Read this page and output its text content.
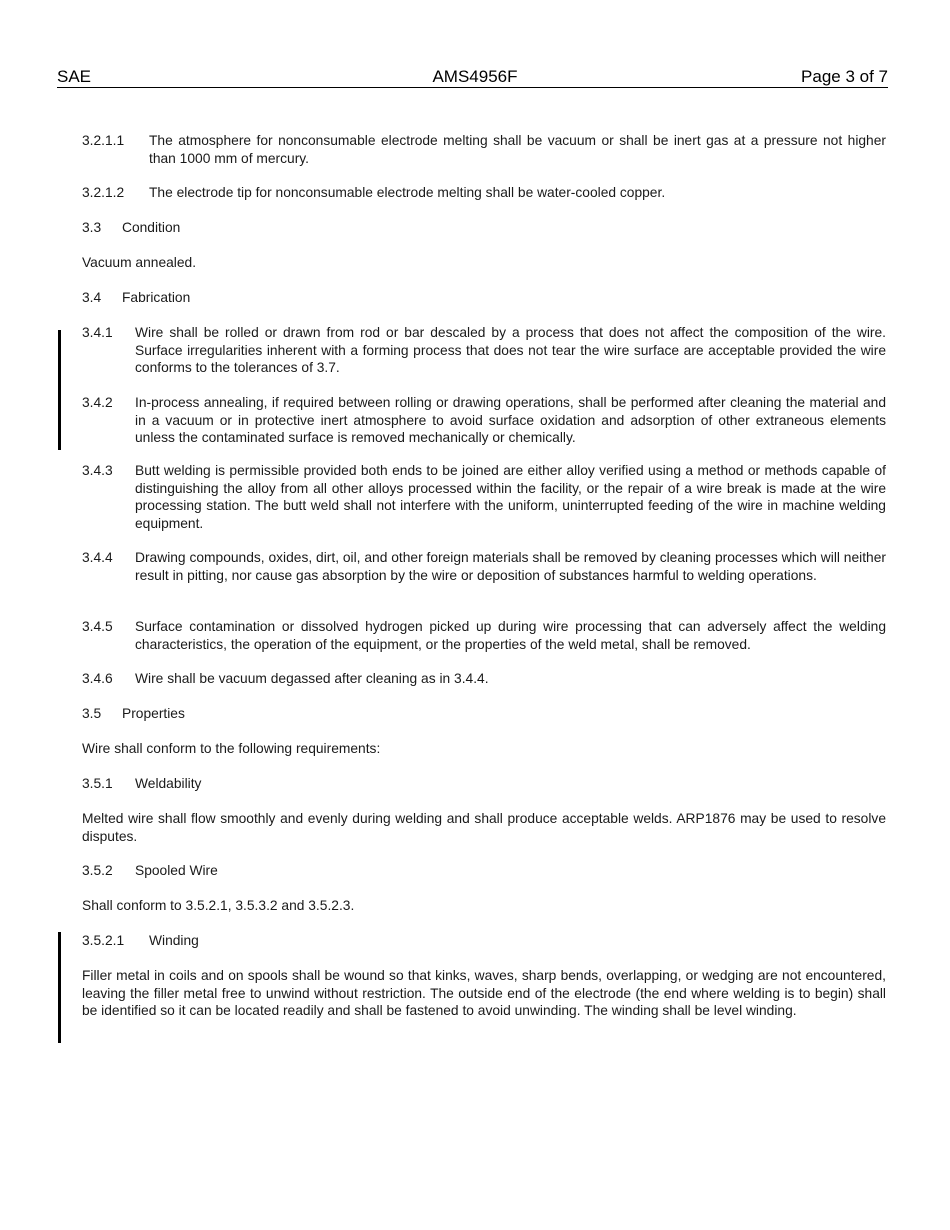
SAE	AMS4956F	Page 3 of 7
3.2.1.1 The atmosphere for nonconsumable electrode melting shall be vacuum or shall be inert gas at a pressure not higher than 1000 mm of mercury.
3.2.1.2 The electrode tip for nonconsumable electrode melting shall be water-cooled copper.
3.3 Condition
Vacuum annealed.
3.4 Fabrication
3.4.1 Wire shall be rolled or drawn from rod or bar descaled by a process that does not affect the composition of the wire. Surface irregularities inherent with a forming process that does not tear the wire surface are acceptable provided the wire conforms to the tolerances of 3.7.
3.4.2 In-process annealing, if required between rolling or drawing operations, shall be performed after cleaning the material and in a vacuum or in protective inert atmosphere to avoid surface oxidation and adsorption of other extraneous elements unless the contaminated surface is removed mechanically or chemically.
3.4.3 Butt welding is permissible provided both ends to be joined are either alloy verified using a method or methods capable of distinguishing the alloy from all other alloys processed within the facility, or the repair of a wire break is made at the wire processing station. The butt weld shall not interfere with the uniform, uninterrupted feeding of the wire in machine welding equipment.
3.4.4 Drawing compounds, oxides, dirt, oil, and other foreign materials shall be removed by cleaning processes which will neither result in pitting, nor cause gas absorption by the wire or deposition of substances harmful to welding operations.
3.4.5 Surface contamination or dissolved hydrogen picked up during wire processing that can adversely affect the welding characteristics, the operation of the equipment, or the properties of the weld metal, shall be removed.
3.4.6 Wire shall be vacuum degassed after cleaning as in 3.4.4.
3.5 Properties
Wire shall conform to the following requirements:
3.5.1 Weldability
Melted wire shall flow smoothly and evenly during welding and shall produce acceptable welds. ARP1876 may be used to resolve disputes.
3.5.2 Spooled Wire
Shall conform to 3.5.2.1, 3.5.3.2 and 3.5.2.3.
3.5.2.1 Winding
Filler metal in coils and on spools shall be wound so that kinks, waves, sharp bends, overlapping, or wedging are not encountered, leaving the filler metal free to unwind without restriction. The outside end of the electrode (the end where welding is to begin) shall be identified so it can be located readily and shall be fastened to avoid unwinding. The winding shall be level winding.
